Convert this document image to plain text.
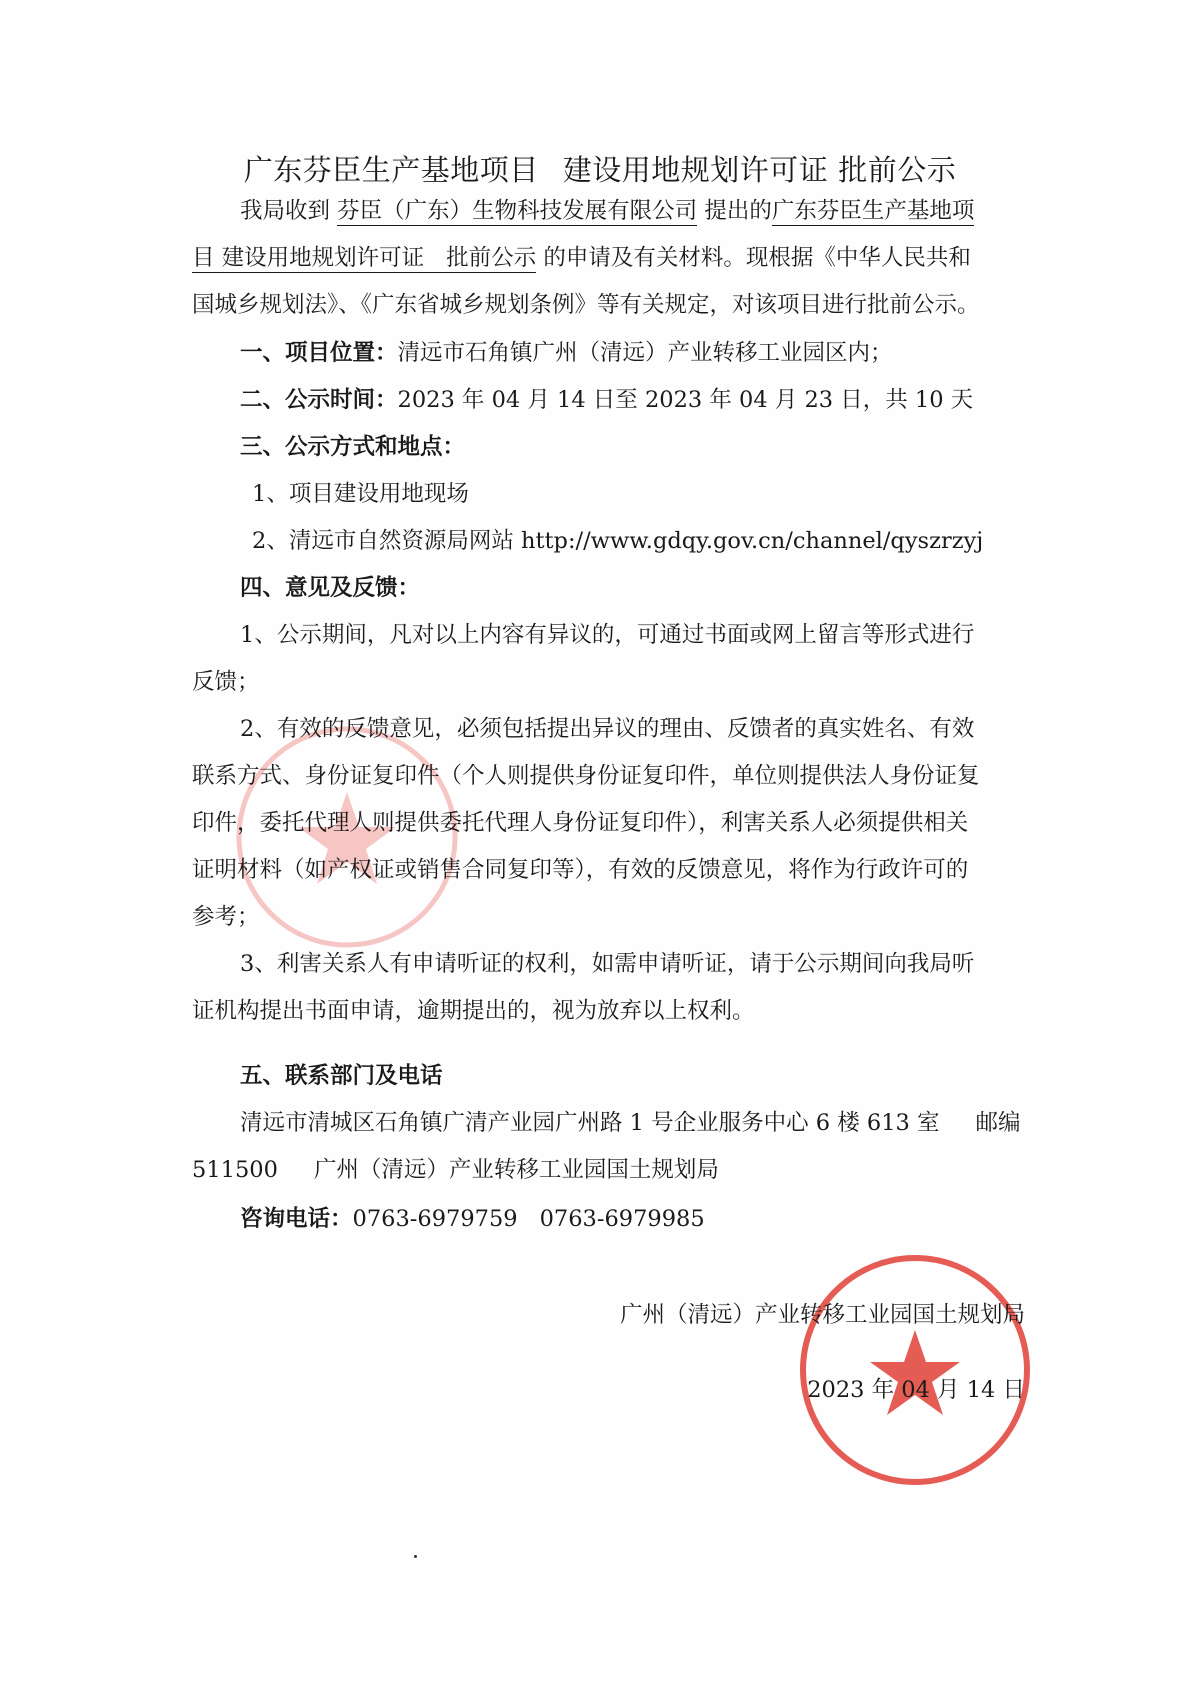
广东芬臣生产基地项目 建设用地规划许可证 批前公示
我局收到 芬臣（广东）生物科技发展有限公司 提出的广东芬臣生产基地项
目 建设用地规划许可证 批前公示 的申请及有关材料。现根据《中华人民共和
国城乡规划法》、《广东省城乡规划条例》等有关规定，对该项目进行批前公示。
一、项目位置：清远市石角镇广州（清远）产业转移工业园区内；
二、公示时间：2023 年 04 月 14 日至 2023 年 04 月 23 日，共 10 天
三、公示方式和地点：
1、项目建设用地现场
2、清远市自然资源局网站 http://www.gdqy.gov.cn/channel/qyszrzyj
四、意见及反馈：
1、公示期间，凡对以上内容有异议的，可通过书面或网上留言等形式进行
反馈；
2、有效的反馈意见，必须包括提出异议的理由、反馈者的真实姓名、有效
联系方式、身份证复印件（个人则提供身份证复印件，单位则提供法人身份证复
印件，委托代理人则提供委托代理人身份证复印件），利害关系人必须提供相关
证明材料（如产权证或销售合同复印等），有效的反馈意见，将作为行政许可的
参考；
3、利害关系人有申请听证的权利，如需申请听证，请于公示期间向我局听
证机构提出书面申请，逾期提出的，视为放弃以上权利。
五、联系部门及电话
清远市清城区石角镇广清产业园广州路 1 号企业服务中心 6 楼 613 室 邮编
511500 广州（清远）产业转移工业园国土规划局
咨询电话：0763-6979759 0763-6979985
广州（清远）产业转移工业园国土规划局
2023 年 04 月 14 日
